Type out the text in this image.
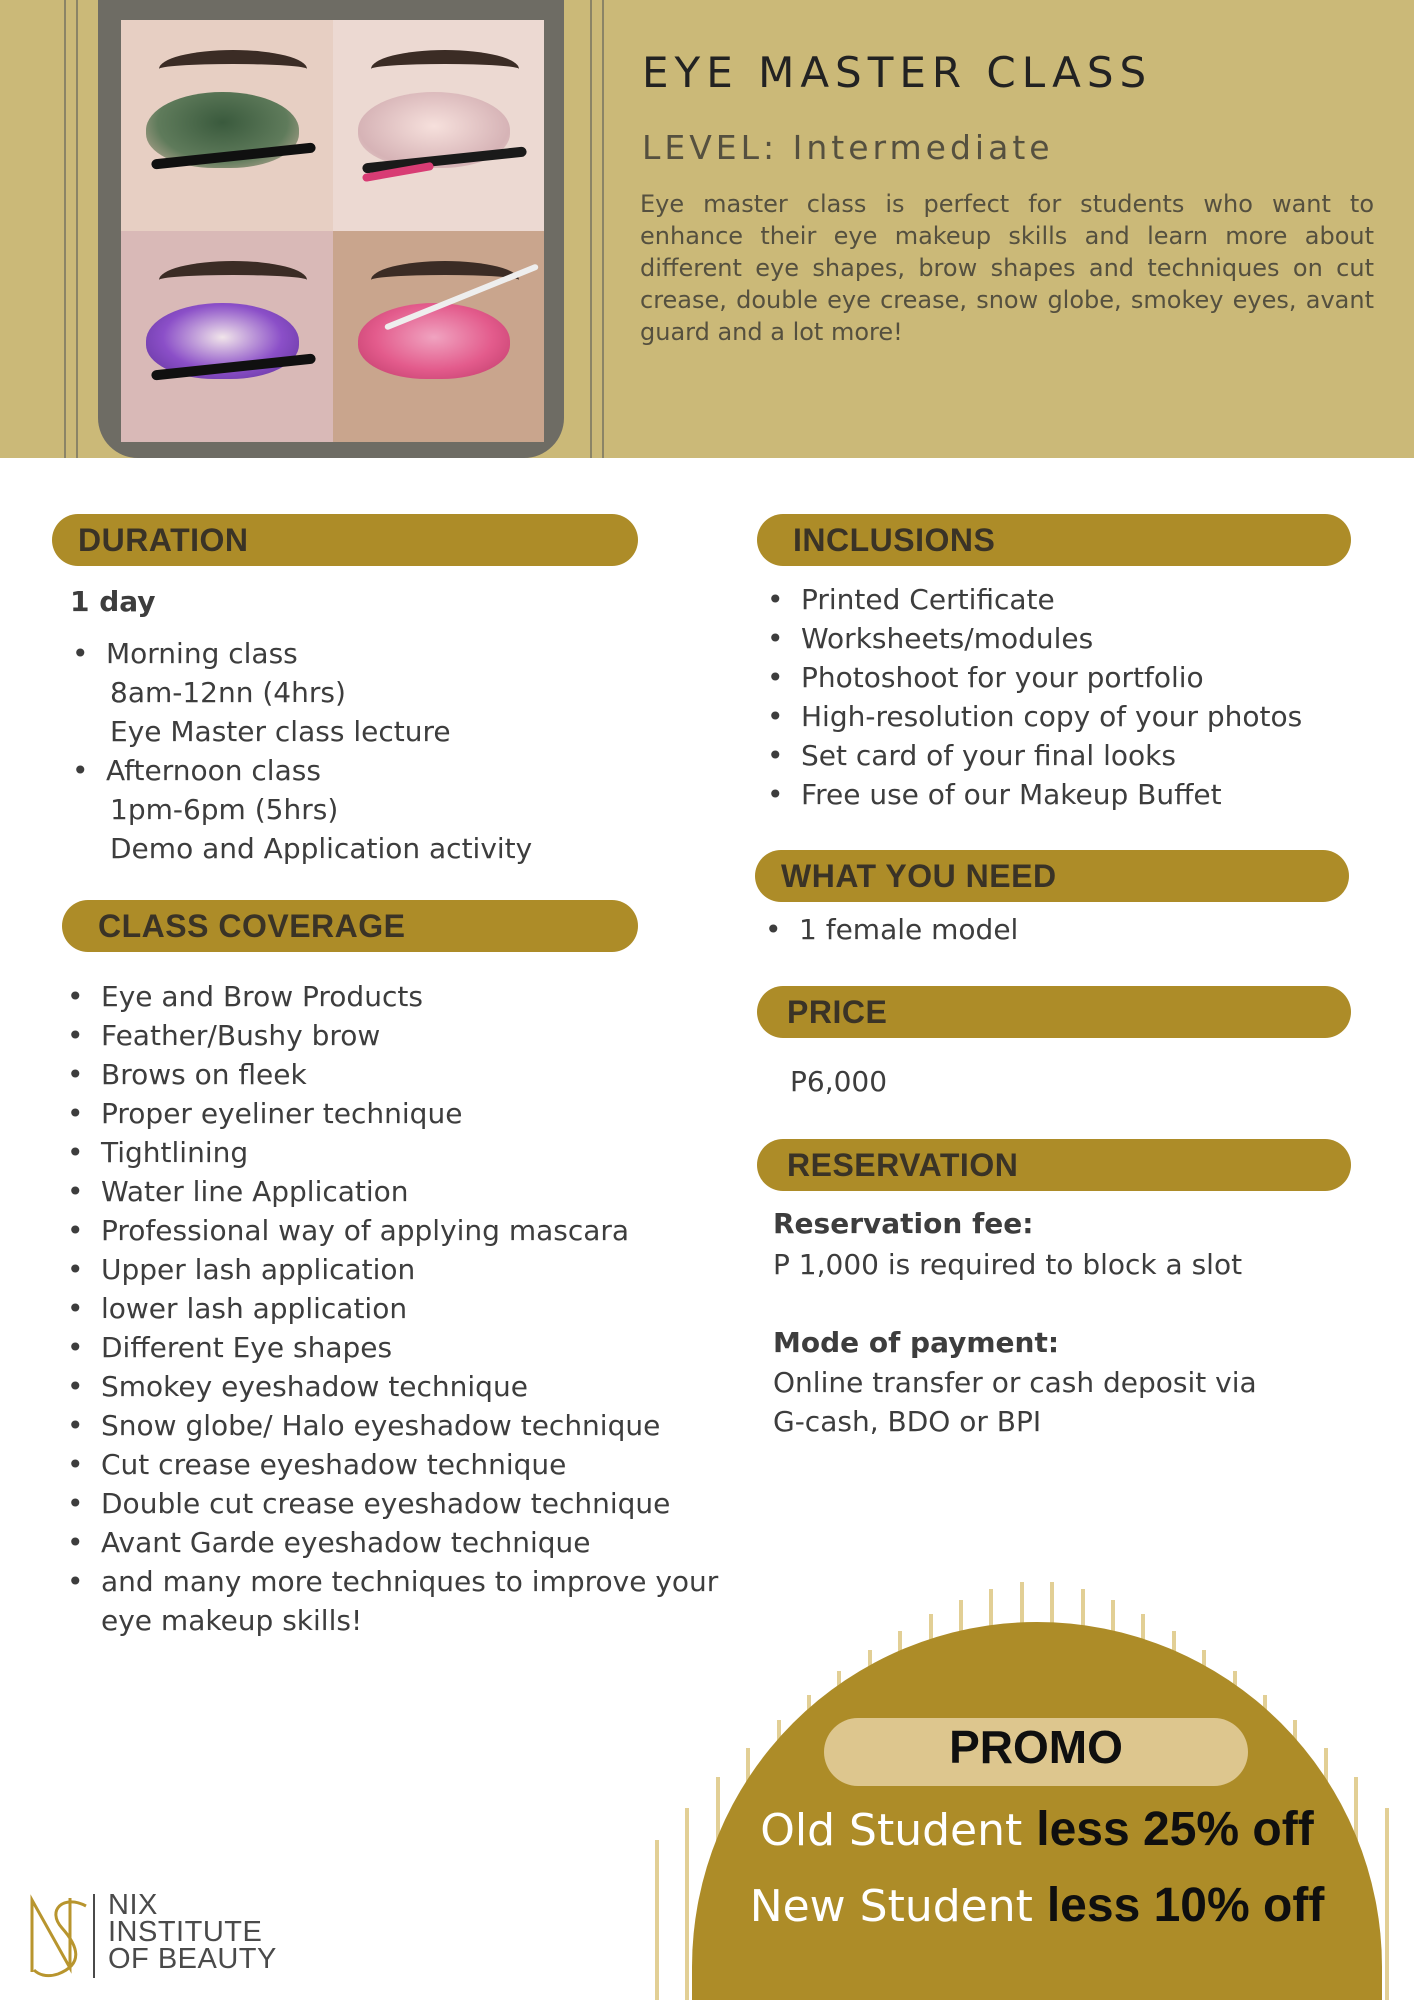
EYE MASTER CLASS
LEVEL: Intermediate

Eye master class is perfect for students who want to enhance their eye makeup skills and learn more about different eye shapes, brow shapes and techniques on cut crease, double eye crease, snow globe, smokey eyes, avant guard and a lot more!

DURATION
1 day
• Morning class
8am-12nn (4hrs)
Eye Master class lecture
• Afternoon class
1pm-6pm (5hrs)
Demo and Application activity
CLASS COVERAGE
• Eye and Brow Products
• Feather/Bushy brow
• Brows on fleek
• Proper eyeliner technique
• Tightlining
• Water line Application
• Professional way of applying mascara
• Upper lash application
• lower lash application
• Different Eye shapes
• Smokey eyeshadow technique
• Snow globe/ Halo eyeshadow technique
• Cut crease eyeshadow technique
• Double cut crease eyeshadow technique
• Avant Garde eyeshadow technique
• and many more techniques to improve your eye makeup skills!
INCLUSIONS
• Printed Certificate
• Worksheets/modules
• Photoshoot for your portfolio
• High-resolution copy of your photos
• Set card of your final looks
• Free use of our Makeup Buffet
WHAT YOU NEED
• 1 female model
PRICE
P6,000
RESERVATION
Reservation fee:
P 1,000 is required to block a slot
Mode of payment:
Online transfer or cash deposit via
G-cash, BDO or BPI
PROMO
Old Student less 25% off
New Student less 10% off
NIX
INSTITUTE
OF BEAUTY
